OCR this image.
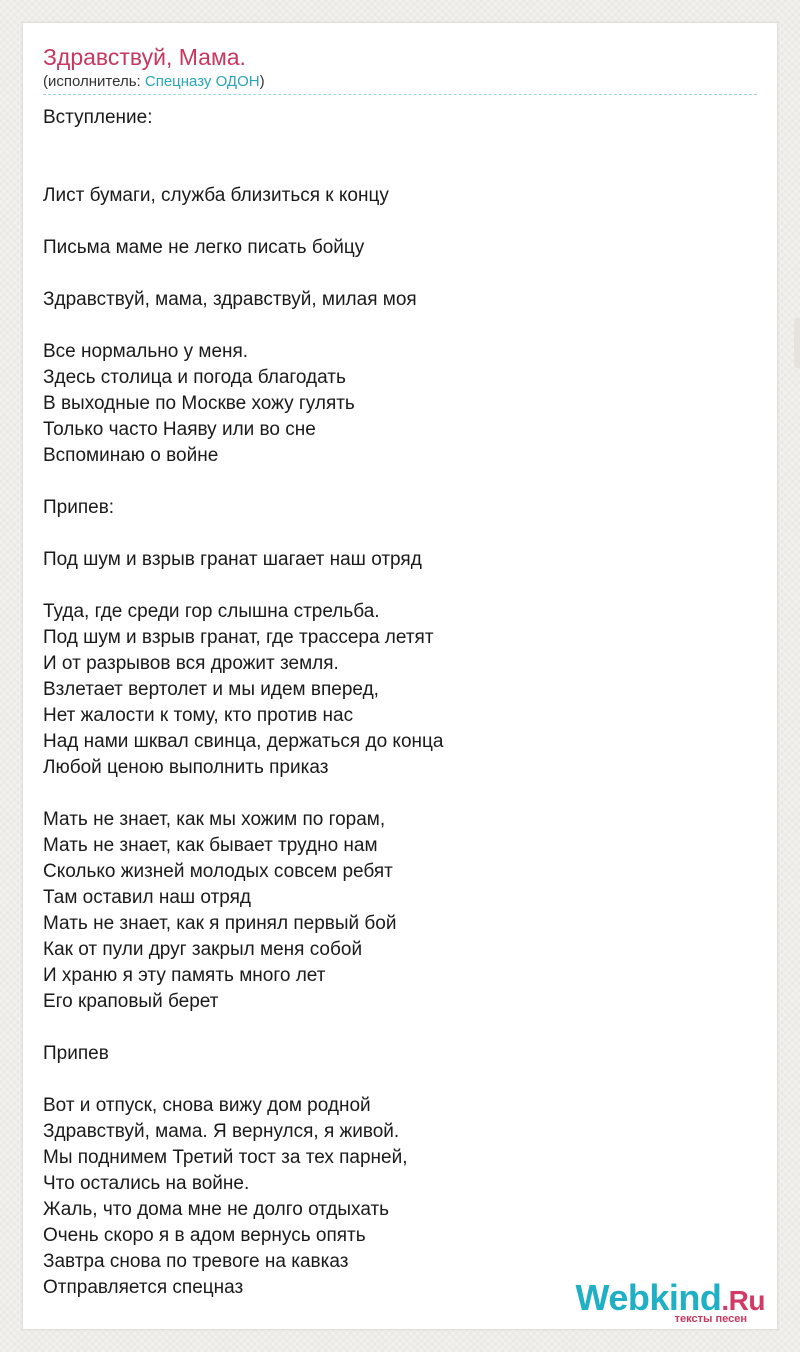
Здравствуй, Мама.
(исполнитель: Спецназу ОДОН)
Вступление:
Лист бумаги, служба близиться к концу
Письма маме не легко писать бойцу
Здравствуй, мама, здравствуй, милая моя
Все нормально у меня.
Здесь столица и погода благодать
В выходные по Москве хожу гулять
Только часто Наяву или во сне
Вспоминаю о войне
Припев:
Под шум и взрыв гранат шагает наш отряд
Туда, где среди гор слышна стрельба.
Под шум и взрыв гранат, где трассера летят
И от разрывов вся дрожит земля.
Взлетает вертолет и мы идем вперед,
Нет жалости к тому, кто против нас
Над нами шквал свинца, держаться до конца
Любой ценою выполнить приказ
Мать не знает, как мы хожим по горам,
Мать не знает, как бывает трудно нам
Сколько жизней молодых совсем ребят
Там оставил наш отряд
Мать не знает, как я принял первый бой
Как от пули друг закрыл меня собой
И храню я эту память много лет
Его краповый берет
Припев
Вот и отпуск, снова вижу дом родной
Здравствуй, мама. Я вернулся, я живой.
Мы поднимем Третий тост за тех парней,
Что остались на войне.
Жаль, что дома мне не долго отдыхать
Очень скоро я в адом вернусь опять
Завтра снова по тревоге на кавказ
Отправляется спецназ	Webkind.Ru
тексты песен
